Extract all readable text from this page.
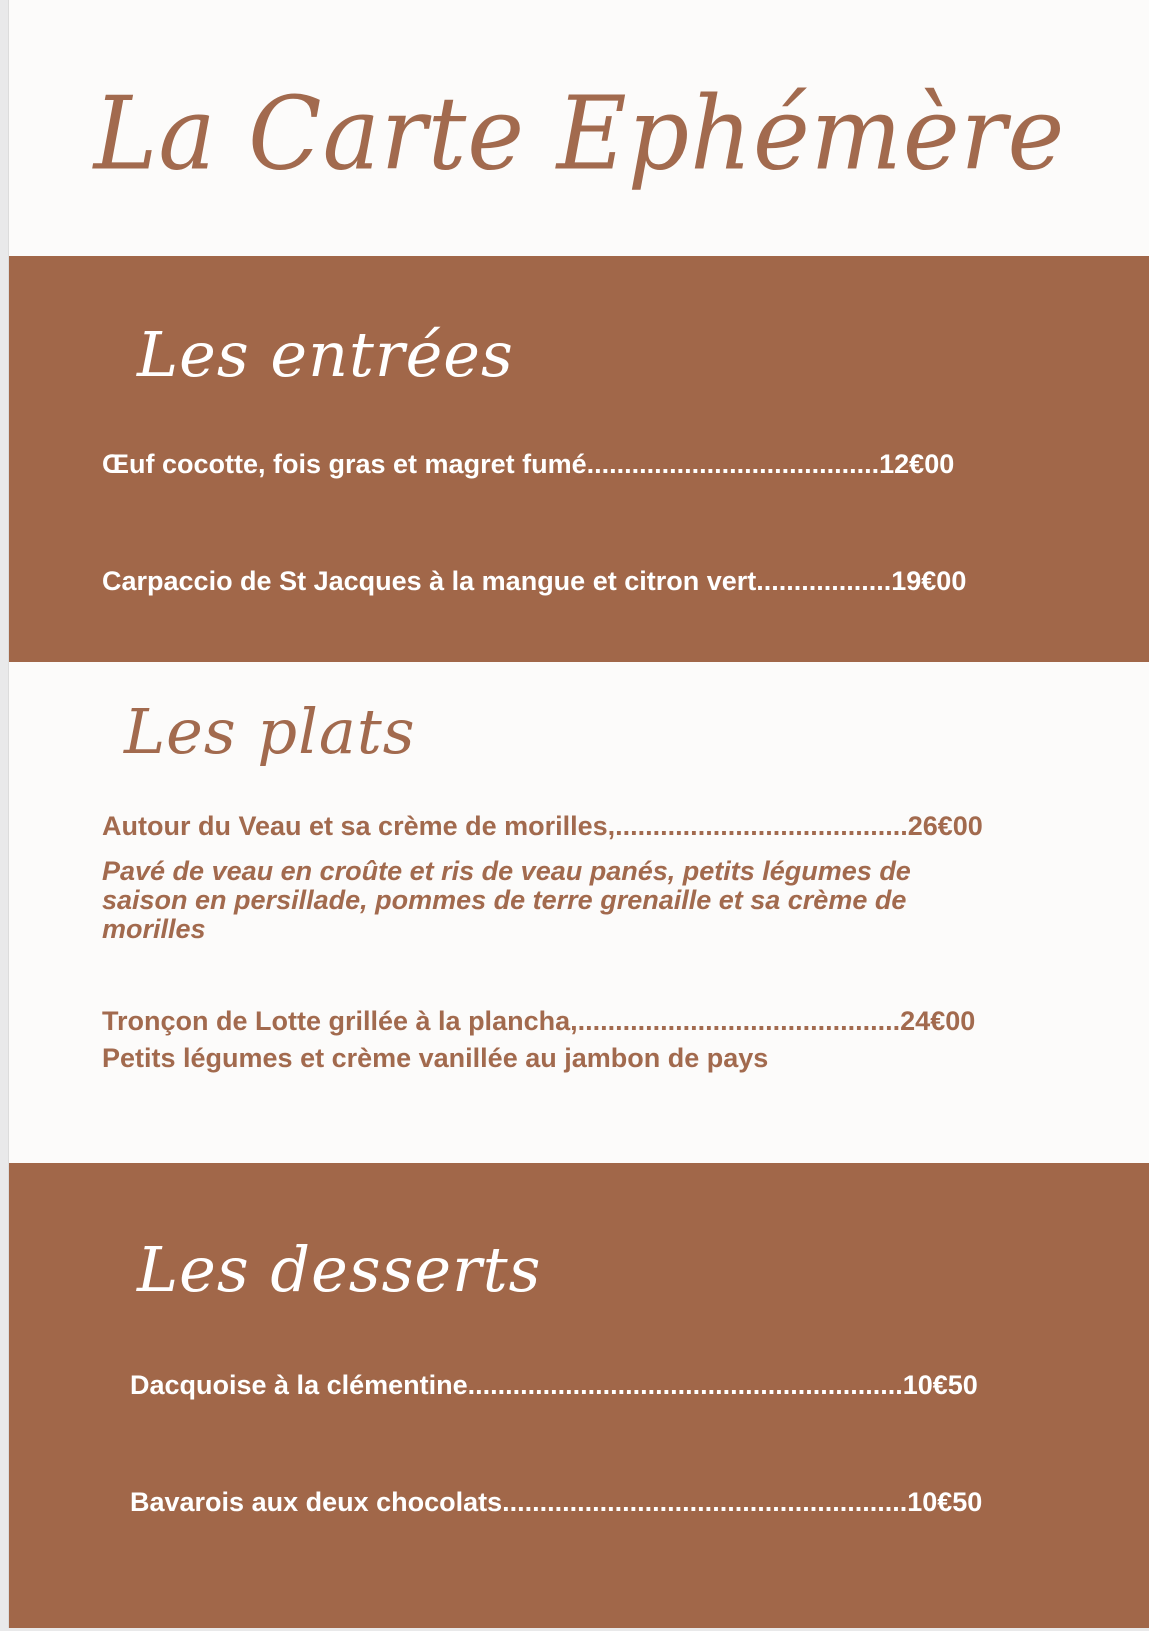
La Carte Ephémère
Les entrées
Œuf cocotte, fois gras et magret fumé.......................................12€00
Carpaccio de St Jacques à la mangue et citron vert..................19€00
Les plats
Autour du Veau et sa crème de morilles,.......................................26€00
Pavé de veau en croûte et ris de veau panés, petits légumes de saison en persillade, pommes de terre grenaille et sa crème de morilles
Tronçon de Lotte grillée à la plancha,...........................................24€00
Petits légumes et crème vanillée au jambon de pays
Les desserts
Dacquoise à la clémentine..........................................................10€50
Bavarois aux deux chocolats......................................................10€50
